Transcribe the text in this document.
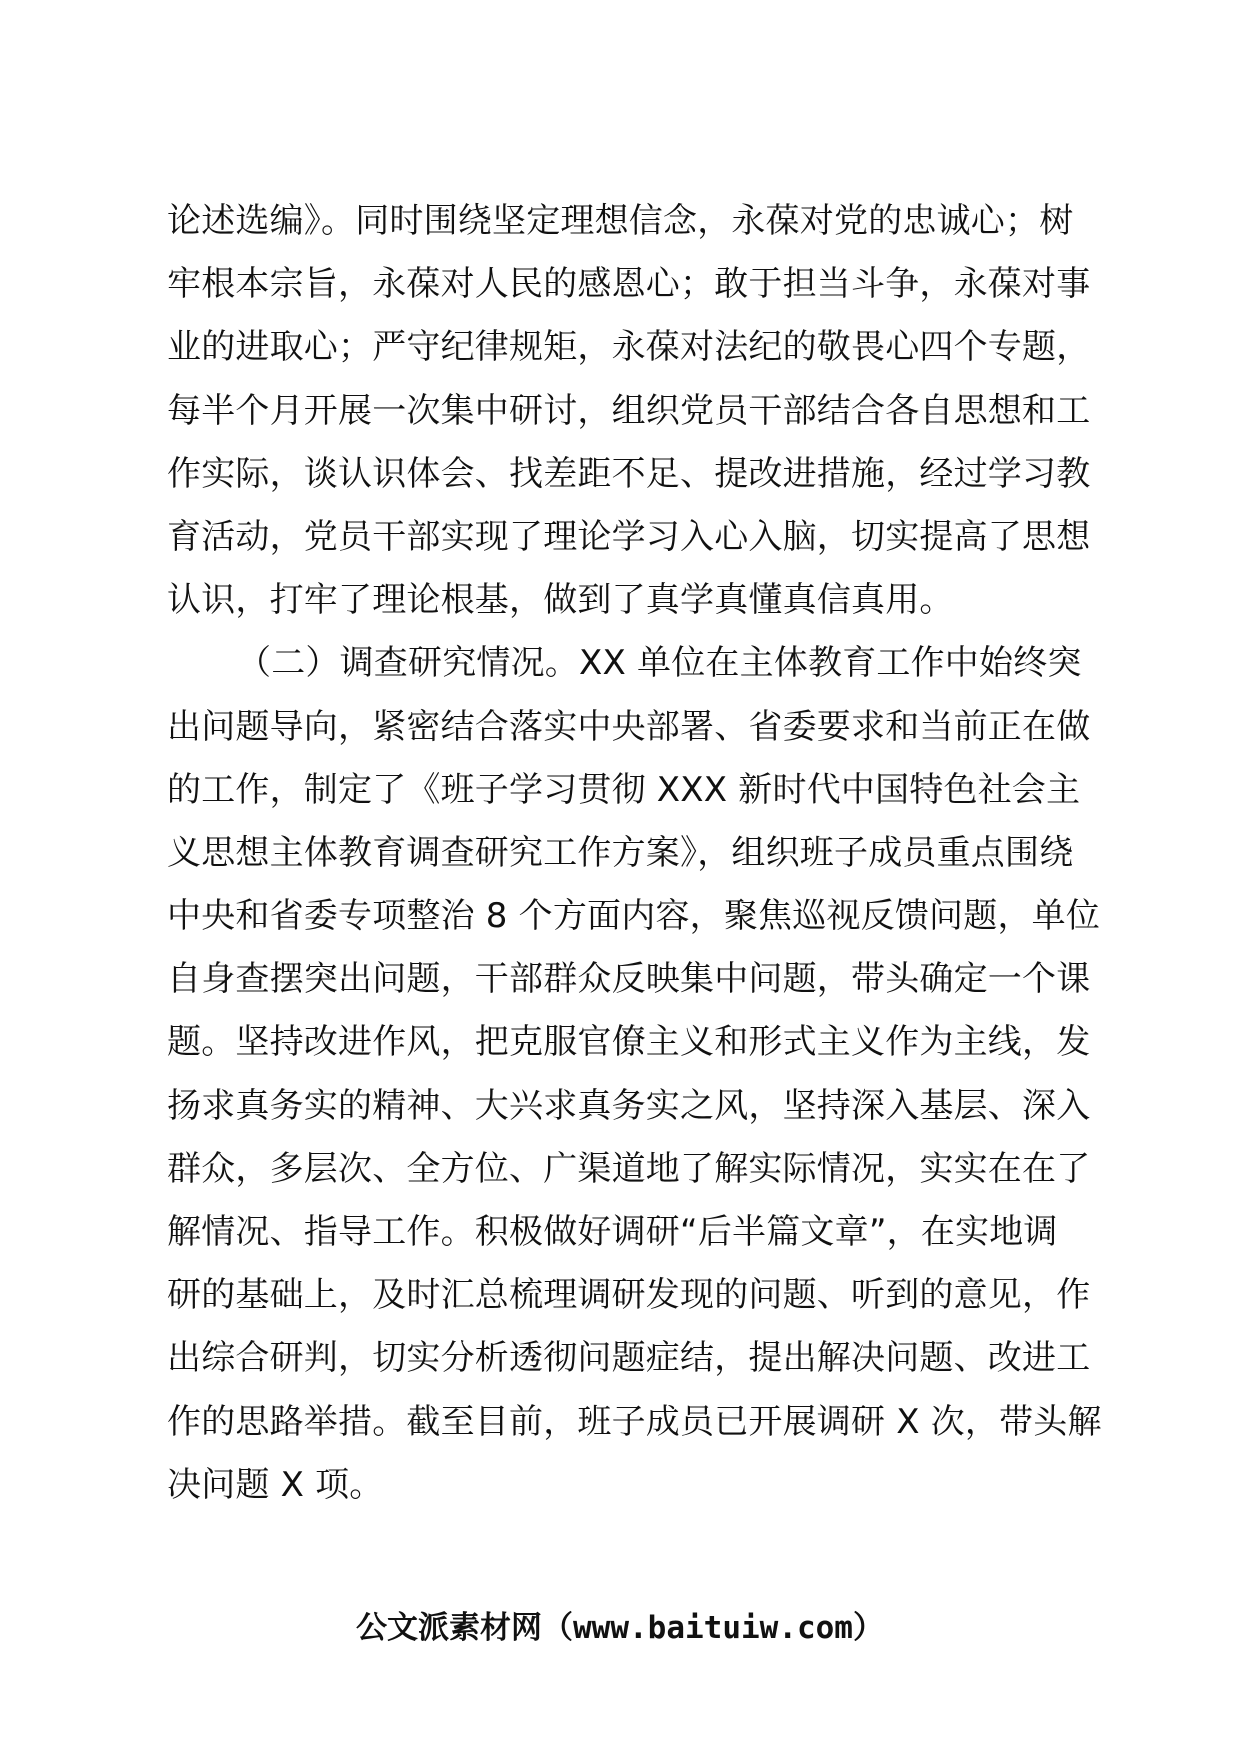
论述选编》。同时围绕坚定理想信念，永葆对党的忠诚心；树
牢根本宗旨，永葆对人民的感恩心；敢于担当斗争，永葆对事
业的进取心；严守纪律规矩，永葆对法纪的敬畏心四个专题，
每半个月开展一次集中研讨，组织党员干部结合各自思想和工
作实际，谈认识体会、找差距不足、提改进措施，经过学习教
育活动，党员干部实现了理论学习入心入脑，切实提高了思想
认识，打牢了理论根基，做到了真学真懂真信真用。
（二）调查研究情况。XX 单位在主体教育工作中始终突
出问题导向，紧密结合落实中央部署、省委要求和当前正在做
的工作，制定了《班子学习贯彻 XXX 新时代中国特色社会主
义思想主体教育调查研究工作方案》，组织班子成员重点围绕
中央和省委专项整治 8 个方面内容，聚焦巡视反馈问题，单位
自身查摆突出问题，干部群众反映集中问题，带头确定一个课
题。坚持改进作风，把克服官僚主义和形式主义作为主线，发
扬求真务实的精神、大兴求真务实之风，坚持深入基层、深入
群众，多层次、全方位、广渠道地了解实际情况，实实在在了
解情况、指导工作。积极做好调研“后半篇文章”，在实地调
研的基础上，及时汇总梳理调研发现的问题、听到的意见，作
出综合研判，切实分析透彻问题症结，提出解决问题、改进工
作的思路举措。截至目前，班子成员已开展调研 X 次，带头解
决问题 X 项。
公文派素材网（www.baituiw.com）
